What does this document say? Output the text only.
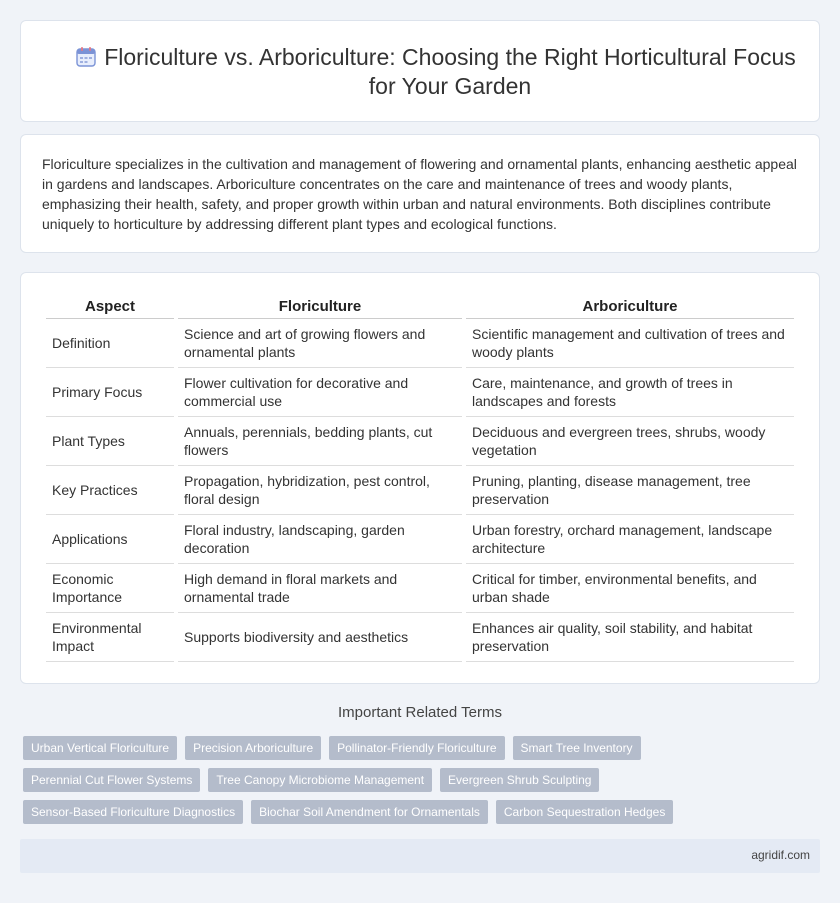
Floriculture vs. Arboriculture: Choosing the Right Horticultural Focus for Your Garden

Floriculture specializes in the cultivation and management of flowering and ornamental plants, enhancing aesthetic appeal in gardens and landscapes. Arboriculture concentrates on the care and maintenance of trees and woody plants, emphasizing their health, safety, and proper growth within urban and natural environments. Both disciplines contribute uniquely to horticulture by addressing different plant types and ecological functions.

Aspect	Floriculture	Arboriculture
Definition	Science and art of growing flowers and ornamental plants	Scientific management and cultivation of trees and woody plants
Primary Focus	Flower cultivation for decorative and commercial use	Care, maintenance, and growth of trees in landscapes and forests
Plant Types	Annuals, perennials, bedding plants, cut flowers	Deciduous and evergreen trees, shrubs, woody vegetation
Key Practices	Propagation, hybridization, pest control, floral design	Pruning, planting, disease management, tree preservation
Applications	Floral industry, landscaping, garden decoration	Urban forestry, orchard management, landscape architecture
Economic Importance	High demand in floral markets and ornamental trade	Critical for timber, environmental benefits, and urban shade
Environmental Impact	Supports biodiversity and aesthetics	Enhances air quality, soil stability, and habitat preservation
Important Related Terms
Urban Vertical Floriculture	Precision Arboriculture	Pollinator-Friendly Floriculture	Smart Tree Inventory
Perennial Cut Flower Systems	Tree Canopy Microbiome Management	Evergreen Shrub Sculpting
Sensor-Based Floriculture Diagnostics	Biochar Soil Amendment for Ornamentals	Carbon Sequestration Hedges
agridif.com
